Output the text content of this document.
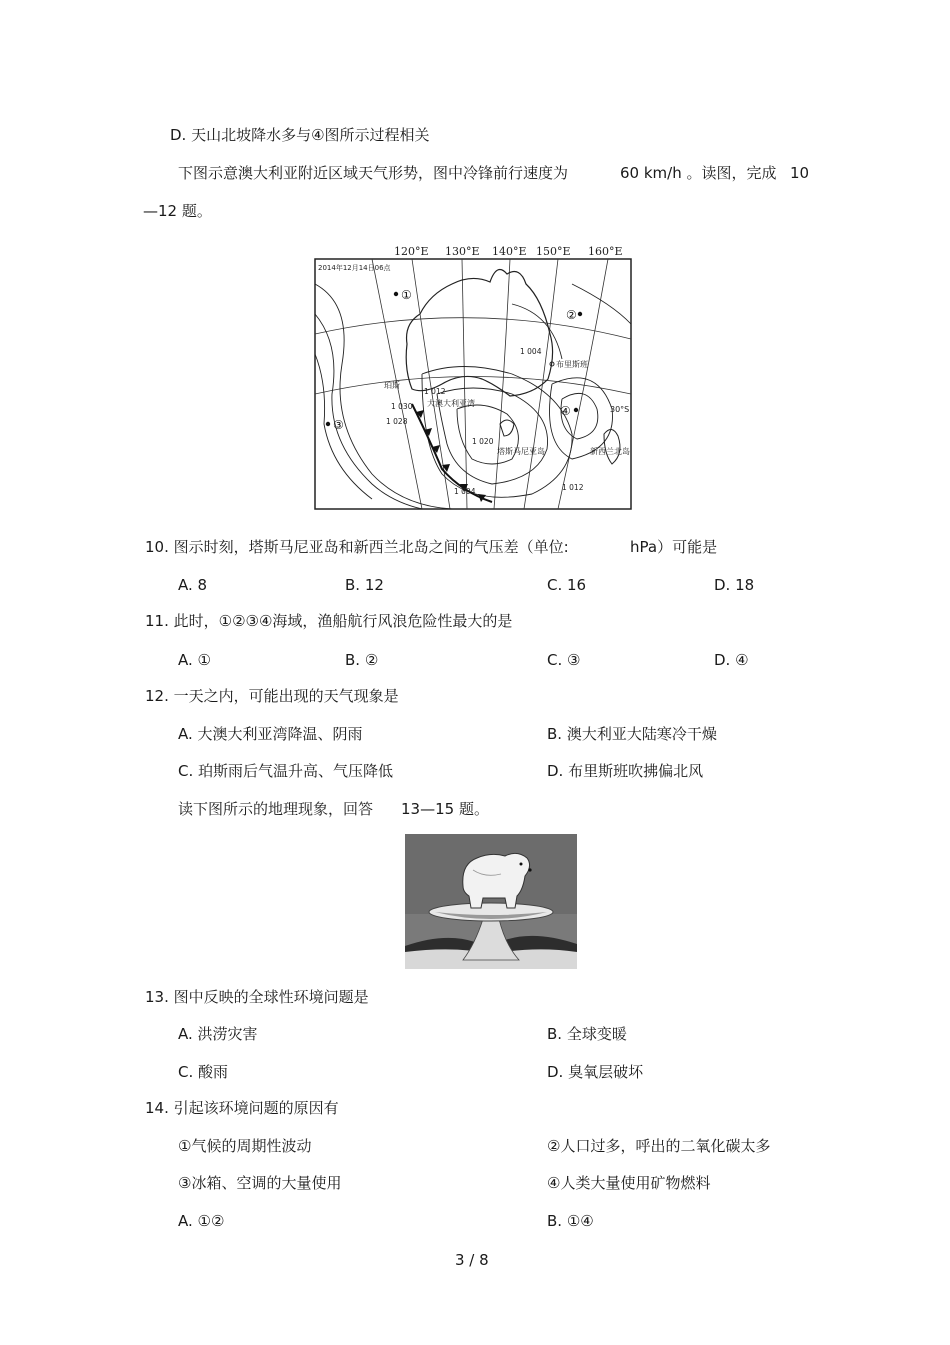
D. 天山北坡降水多与④图所示过程相关
下图示意澳大利亚附近区域天气形势，图中冷锋前行速度为	60 km/h 。读图，完成 10
—12 题。
120°E 130°E 140°E 150°E 160°E
2014年12月14日06点
①
②
③
④
1 004
1 028
1 020
1 012
1 004
1 030
1 012
布里斯班
珀斯
大澳大利亚湾
塔斯马尼亚岛	新西兰北岛
30°S
10. 图示时刻，塔斯马尼亚岛和新西兰北岛之间的气压差（单位:	hPa）可能是
A. 8	B. 12	C. 16	D. 18
11. 此时，①②③④海域，渔船航行风浪危险性最大的是
A. ①	B. ②	C. ③	D. ④
12. 一天之内，可能出现的天气现象是
A. 大澳大利亚湾降温、阴雨	B. 澳大利亚大陆寒冷干燥
C. 珀斯雨后气温升高、气压降低	D. 布里斯班吹拂偏北风
读下图所示的地理现象，回答 13—15 题。
13. 图中反映的全球性环境问题是
A. 洪涝灾害	B. 全球变暖
C. 酸雨	D. 臭氧层破坏
14. 引起该环境问题的原因有
①气候的周期性波动	②人口过多，呼出的二氧化碳太多
③冰箱、空调的大量使用	④人类大量使用矿物燃料
A. ①②	B. ①④
3 / 8
